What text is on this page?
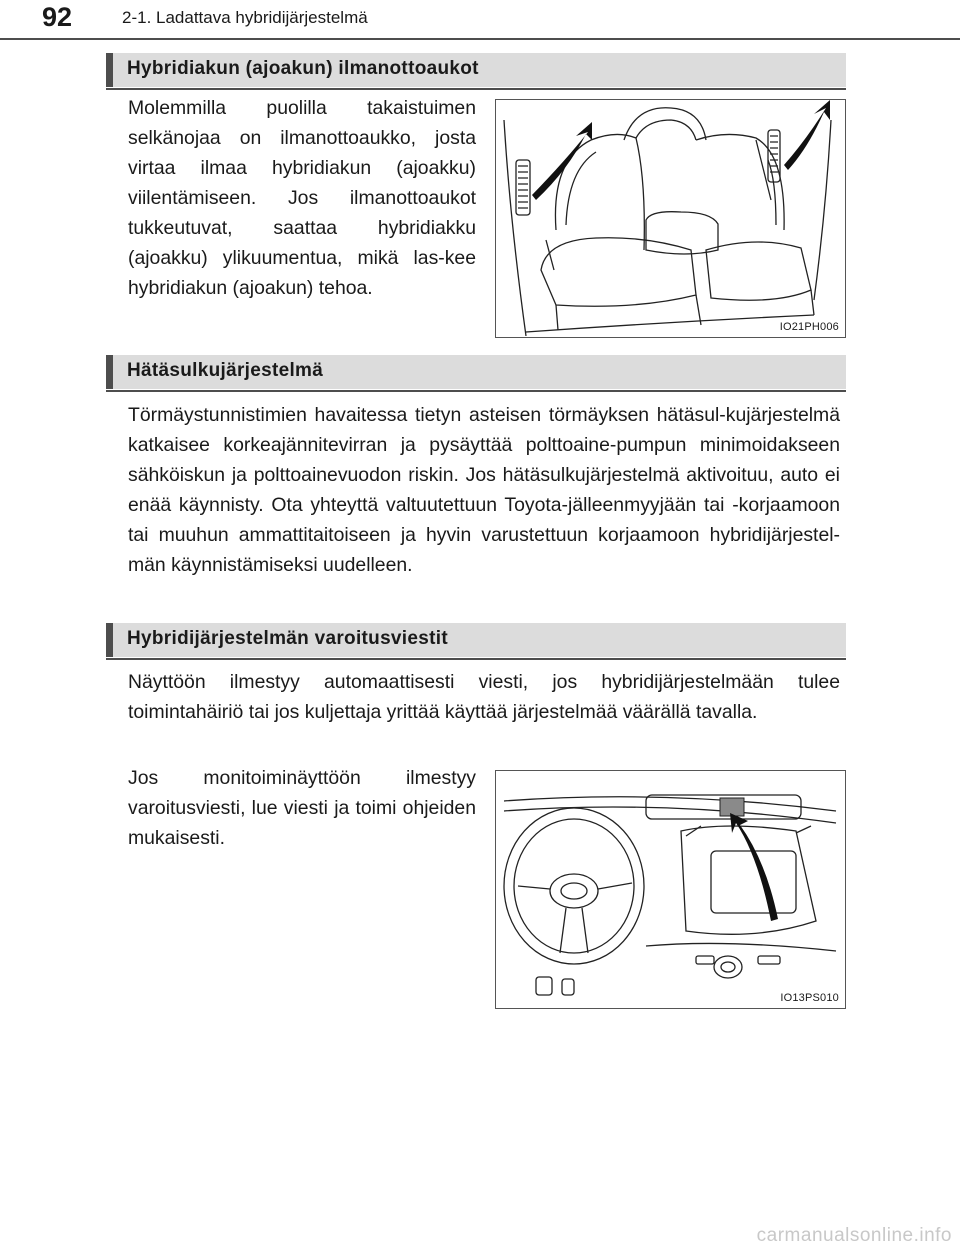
92	2-1. Ladattava hybridijärjestelmä
Hybridiakun (ajoakun) ilmanottoaukot
Molemmilla puolilla takaistuimen selkänojaa on ilmanottoaukko, josta virtaa ilmaa hybridiakun (ajoakku) viilentämiseen. Jos ilmanottoaukot tukkeutuvat, saattaa hybridiakku (ajoakku) ylikuumentua, mikä las-kee hybridiakun (ajoakun) tehoa.
IO21PH006
Hätäsulkujärjestelmä
Törmäystunnistimien havaitessa tietyn asteisen törmäyksen hätäsul-kujärjestelmä katkaisee korkeajännitevirran ja pysäyttää polttoaine-pumpun minimoidakseen sähköiskun ja polttoainevuodon riskin. Jos hätäsulkujärjestelmä aktivoituu, auto ei enää käynnisty. Ota yhteyttä valtuutettuun Toyota-jälleenmyyjään tai -korjaamoon tai muuhun ammattitaitoiseen ja hyvin varustettuun korjaamoon hybridijärjestel-män käynnistämiseksi uudelleen.
Hybridijärjestelmän varoitusviestit
Näyttöön ilmestyy automaattisesti viesti, jos hybridijärjestelmään tulee toimintahäiriö tai jos kuljettaja yrittää käyttää järjestelmää väärällä tavalla.
Jos monitoiminäyttöön ilmestyy varoitusviesti, lue viesti ja toimi ohjeiden mukaisesti.
IO13PS010
carmanualsonline.info
